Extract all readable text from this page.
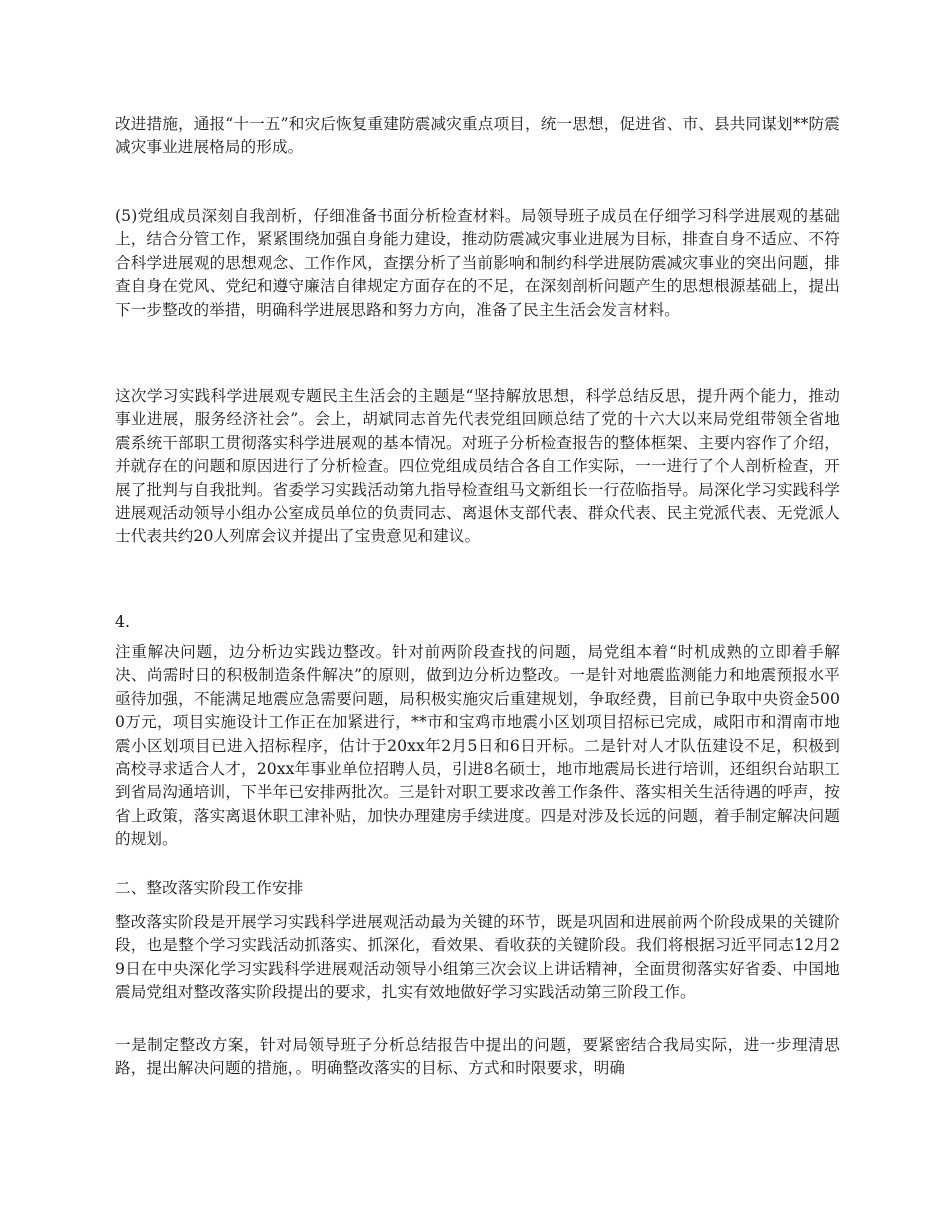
改进措施，通报“十一五”和灾后恢复重建防震减灾重点项目，统一思想，促进省、市、县共同谋划**防震减灾事业进展格局的形成。

(5)党组成员深刻自我剖析，仔细准备书面分析检查材料。局领导班子成员在仔细学习科学进展观的基础上，结合分管工作，紧紧围绕加强自身能力建设，推动防震减灾事业进展为目标，排查自身不适应、不符合科学进展观的思想观念、工作作风，查摆分析了当前影响和制约科学进展防震减灾事业的突出问题，排查自身在党风、党纪和遵守廉洁自律规定方面存在的不足，在深刻剖析问题产生的思想根源基础上，提出下一步整改的举措，明确科学进展思路和努力方向，准备了民主生活会发言材料。

这次学习实践科学进展观专题民主生活会的主题是“坚持解放思想，科学总结反思，提升两个能力，推动事业进展，服务经济社会”。会上，胡斌同志首先代表党组回顾总结了党的十六大以来局党组带领全省地震系统干部职工贯彻落实科学进展观的基本情况。对班子分析检查报告的整体框架、主要内容作了介绍，并就存在的问题和原因进行了分析检查。四位党组成员结合各自工作实际，一一进行了个人剖析检查，开展了批判与自我批判。省委学习实践活动第九指导检查组马文新组长一行莅临指导。局深化学习实践科学进展观活动领导小组办公室成员单位的负责同志、离退休支部代表、群众代表、民主党派代表、无党派人士代表共约20人列席会议并提出了宝贵意见和建议。

4.

注重解决问题，边分析边实践边整改。针对前两阶段查找的问题，局党组本着“时机成熟的立即着手解决、尚需时日的积极制造条件解决”的原则，做到边分析边整改。一是针对地震监测能力和地震预报水平亟待加强，不能满足地震应急需要问题，局积极实施灾后重建规划，争取经费，目前已争取中央资金5000万元，项目实施设计工作正在加紧进行，**市和宝鸡市地震小区划项目招标已完成，咸阳市和渭南市地震小区划项目已进入招标程序，估计于20xx年2月5日和6日开标。二是针对人才队伍建设不足，积极到高校寻求适合人才，20xx年事业单位招聘人员，引进8名硕士，地市地震局长进行培训，还组织台站职工到省局沟通培训，下半年已安排两批次。三是针对职工要求改善工作条件、落实相关生活待遇的呼声，按省上政策，落实离退休职工津补贴，加快办理建房手续进度。四是对涉及长远的问题，着手制定解决问题的规划。

二、整改落实阶段工作安排

整改落实阶段是开展学习实践科学进展观活动最为关键的环节，既是巩固和进展前两个阶段成果的关键阶段，也是整个学习实践活动抓落实、抓深化，看效果、看收获的关键阶段。我们将根据习近平同志12月29日在中央深化学习实践科学进展观活动领导小组第三次会议上讲话精神，全面贯彻落实好省委、中国地震局党组对整改落实阶段提出的要求，扎实有效地做好学习实践活动第三阶段工作。

一是制定整改方案，针对局领导班子分析总结报告中提出的问题，要紧密结合我局实际，进一步理清思路，提出解决问题的措施，。明确整改落实的目标、方式和时限要求，明确
